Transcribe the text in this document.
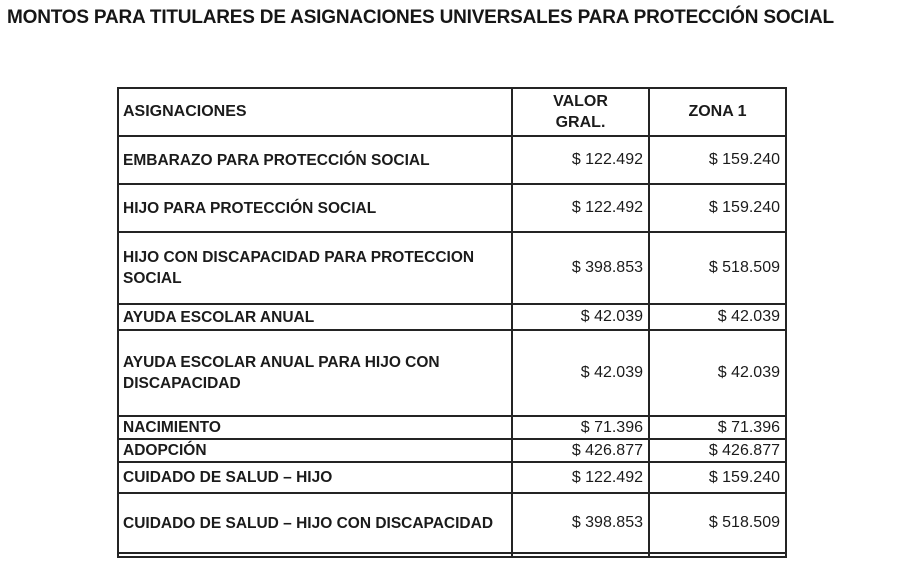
MONTOS PARA TITULARES DE ASIGNACIONES UNIVERSALES PARA PROTECCIÓN SOCIAL
ASIGNACIONES	VALOR GRAL.	ZONA 1
EMBARAZO PARA PROTECCIÓN SOCIAL	$ 122.492	$ 159.240
HIJO PARA PROTECCIÓN SOCIAL	$ 122.492	$ 159.240
HIJO CON DISCAPACIDAD PARA PROTECCION SOCIAL	$ 398.853	$ 518.509
AYUDA ESCOLAR ANUAL	$ 42.039	$ 42.039
AYUDA ESCOLAR ANUAL PARA HIJO CON DISCAPACIDAD	$ 42.039	$ 42.039
NACIMIENTO	$ 71.396	$ 71.396
ADOPCIÓN	$ 426.877	$ 426.877
CUIDADO DE SALUD – HIJO	$ 122.492	$ 159.240
CUIDADO DE SALUD – HIJO CON DISCAPACIDAD	$ 398.853	$ 518.509
